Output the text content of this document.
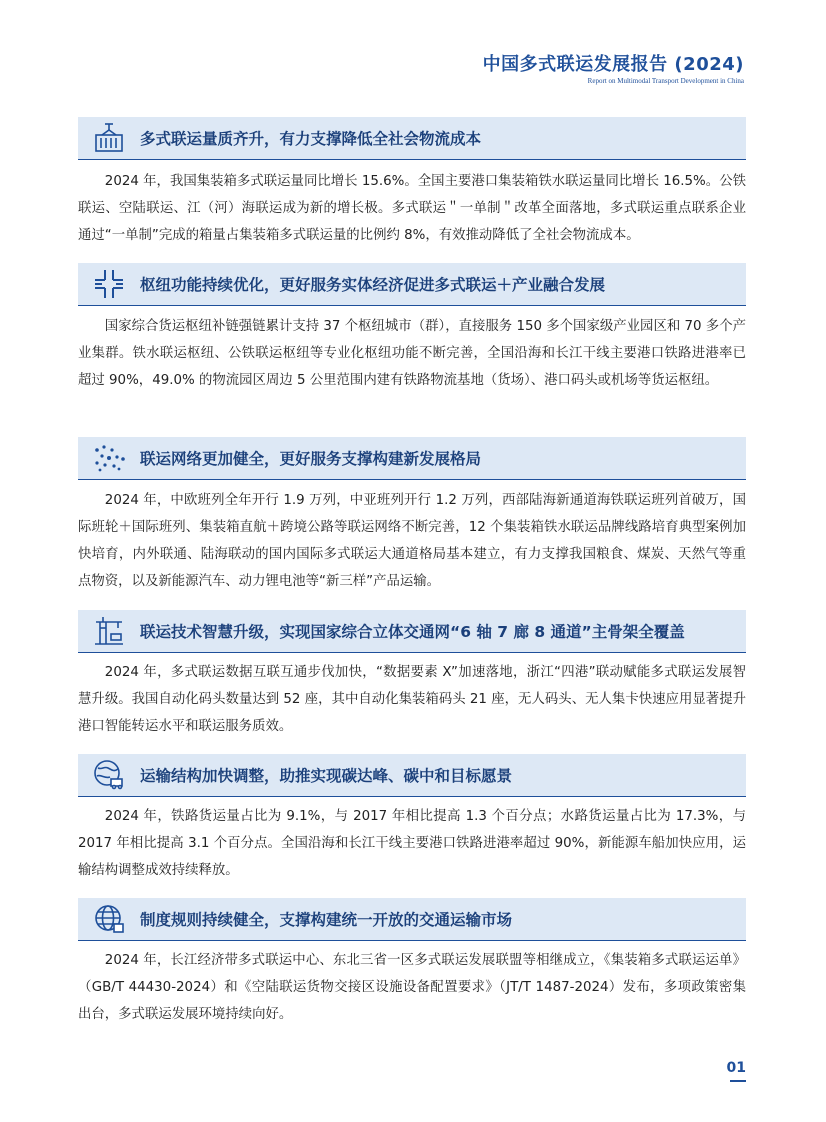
中国多式联运发展报告 (2024)
Report on Multimodal Transport Development in China
多式联运量质齐升，有力支撑降低全社会物流成本

2024 年，我国集装箱多式联运量同比增长 15.6%。全国主要港口集装箱铁水联运量同比增长 16.5%。公铁联运、空陆联运、江（河）海联运成为新的增长极。多式联运＂一单制＂改革全面落地，多式联运重点联系企业通过“一单制”完成的箱量占集装箱多式联运量的比例约 8%，有效推动降低了全社会物流成本。

枢纽功能持续优化，更好服务实体经济促进多式联运＋产业融合发展

国家综合货运枢纽补链强链累计支持 37 个枢纽城市（群），直接服务 150 多个国家级产业园区和 70 多个产业集群。铁水联运枢纽、公铁联运枢纽等专业化枢纽功能不断完善，全国沿海和长江干线主要港口铁路进港率已超过 90%，49.0% 的物流园区周边 5 公里范围内建有铁路物流基地（货场）、港口码头或机场等货运枢纽。

联运网络更加健全，更好服务支撑构建新发展格局

2024 年，中欧班列全年开行 1.9 万列，中亚班列开行 1.2 万列，西部陆海新通道海铁联运班列首破万，国际班轮＋国际班列、集装箱直航＋跨境公路等联运网络不断完善，12 个集装箱铁水联运品牌线路培育典型案例加快培育，内外联通、陆海联动的国内国际多式联运大通道格局基本建立，有力支撑我国粮食、煤炭、天然气等重点物资，以及新能源汽车、动力锂电池等“新三样”产品运输。

联运技术智慧升级，实现国家综合立体交通网“6 轴 7 廊 8 通道”主骨架全覆盖

2024 年，多式联运数据互联互通步伐加快，“数据要素 X”加速落地，浙江“四港”联动赋能多式联运发展智慧升级。我国自动化码头数量达到 52 座，其中自动化集装箱码头 21 座，无人码头、无人集卡快速应用显著提升港口智能转运水平和联运服务质效。

运输结构加快调整，助推实现碳达峰、碳中和目标愿景

2024 年，铁路货运量占比为 9.1%，与 2017 年相比提高 1.3 个百分点；水路货运量占比为 17.3%，与 2017 年相比提高 3.1 个百分点。全国沿海和长江干线主要港口铁路进港率超过 90%，新能源车船加快应用，运输结构调整成效持续释放。

制度规则持续健全，支撑构建统一开放的交通运输市场

2024 年，长江经济带多式联运中心、东北三省一区多式联运发展联盟等相继成立，《集装箱多式联运运单》（GB/T 44430-2024）和《空陆联运货物交接区设施设备配置要求》（JT/T 1487-2024）发布，多项政策密集出台，多式联运发展环境持续向好。

01
